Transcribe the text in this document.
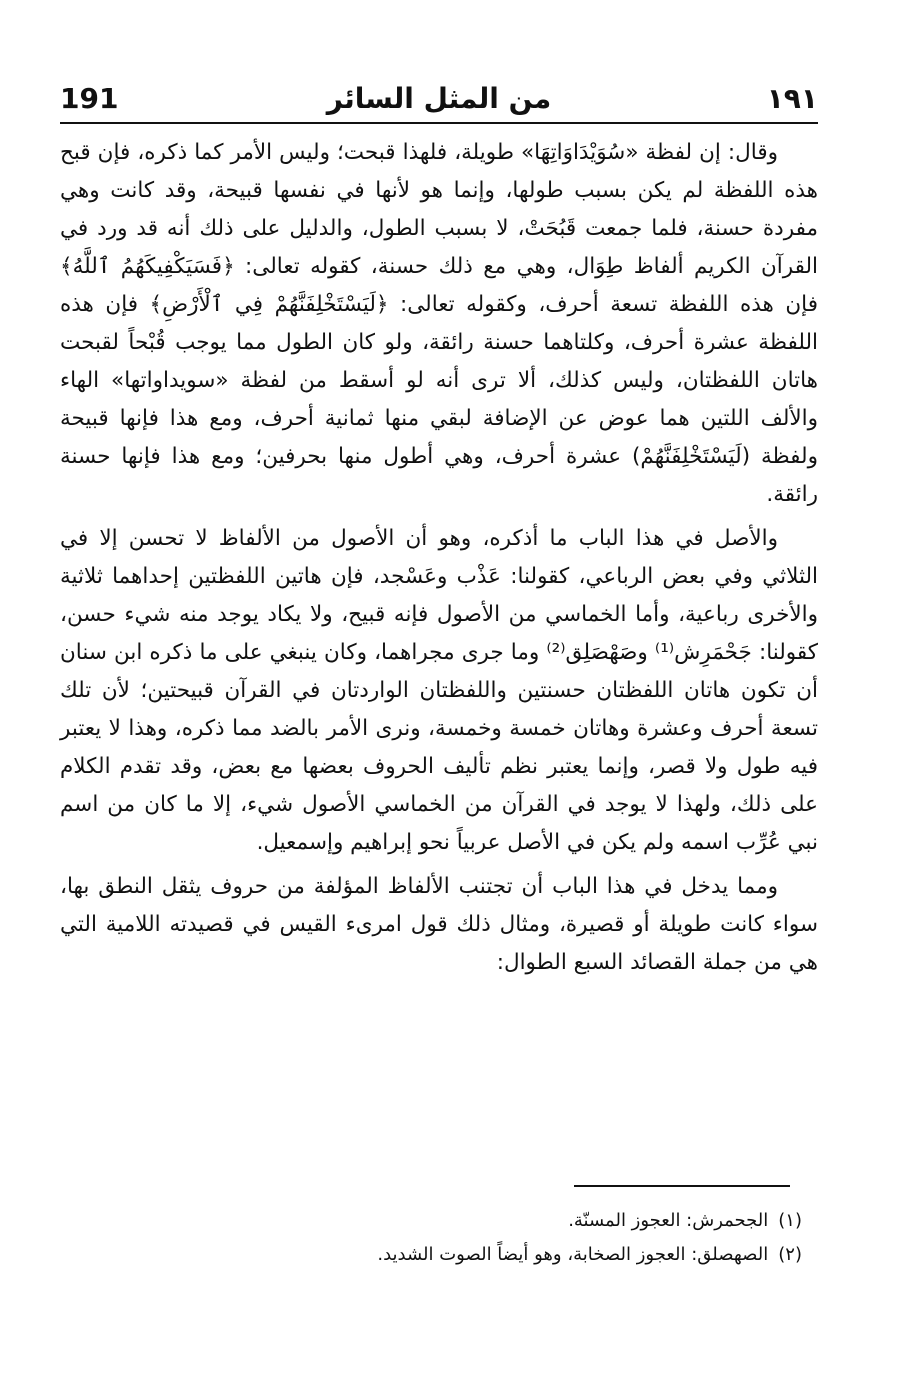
191	من المثل السائر	١٩١

وقال: إن لفظة «سُوَيْدَاوَاتِهَا» طويلة، فلهذا قبحت؛ وليس الأمر كما ذكره، فإن قبح هذه اللفظة لم يكن بسبب طولها، وإنما هو لأنها في نفسها قبيحة، وقد كانت وهي مفردة حسنة، فلما جمعت قَبُحَتْ، لا بسبب الطول، والدليل على ذلك أنه قد ورد في القرآن الكريم ألفاظ طِوَال، وهي مع ذلك حسنة، كقوله تعالى: ﴿فَسَيَكْفِيكَهُمُ ٱللَّهُ﴾ فإن هذه اللفظة تسعة أحرف، وكقوله تعالى: ﴿لَيَسْتَخْلِفَنَّهُمْ فِي ٱلْأَرْضِ﴾ فإن هذه اللفظة عشرة أحرف، وكلتاهما حسنة رائقة، ولو كان الطول مما يوجب قُبْحاً لقبحت هاتان اللفظتان، وليس كذلك، ألا ترى أنه لو أسقط من لفظة «سويداواتها» الهاء والألف اللتين هما عوض عن الإضافة لبقي منها ثمانية أحرف، ومع هذا فإنها قبيحة ولفظة (لَيَسْتَخْلِفَنَّهُمْ) عشرة أحرف، وهي أطول منها بحرفين؛ ومع هذا فإنها حسنة رائقة.

والأصل في هذا الباب ما أذكره، وهو أن الأصول من الألفاظ لا تحسن إلا في الثلاثي وفي بعض الرباعي، كقولنا: عَذْب وعَسْجد، فإن هاتين اللفظتين إحداهما ثلاثية والأخرى رباعية، وأما الخماسي من الأصول فإنه قبيح، ولا يكاد يوجد منه شيء حسن، كقولنا: جَحْمَرِش⁽¹⁾ وصَهْصَلِق⁽²⁾ وما جرى مجراهما، وكان ينبغي على ما ذكره ابن سنان أن تكون هاتان اللفظتان حسنتين واللفظتان الواردتان في القرآن قبيحتين؛ لأن تلك تسعة أحرف وعشرة وهاتان خمسة وخمسة، ونرى الأمر بالضد مما ذكره، وهذا لا يعتبر فيه طول ولا قصر، وإنما يعتبر نظم تأليف الحروف بعضها مع بعض، وقد تقدم الكلام على ذلك، ولهذا لا يوجد في القرآن من الخماسي الأصول شيء، إلا ما كان من اسم نبي عُرِّب اسمه ولم يكن في الأصل عربياً نحو إبراهيم وإسمعيل.

ومما يدخل في هذا الباب أن تجتنب الألفاظ المؤلفة من حروف يثقل النطق بها، سواء كانت طويلة أو قصيرة، ومثال ذلك قول امرىء القيس في قصيدته اللامية التي هي من جملة القصائد السبع الطوال:

(١)الجحمرش: العجوز المسنّة.

(٢)الصهصلق: العجوز الصخابة، وهو أيضاً الصوت الشديد.
